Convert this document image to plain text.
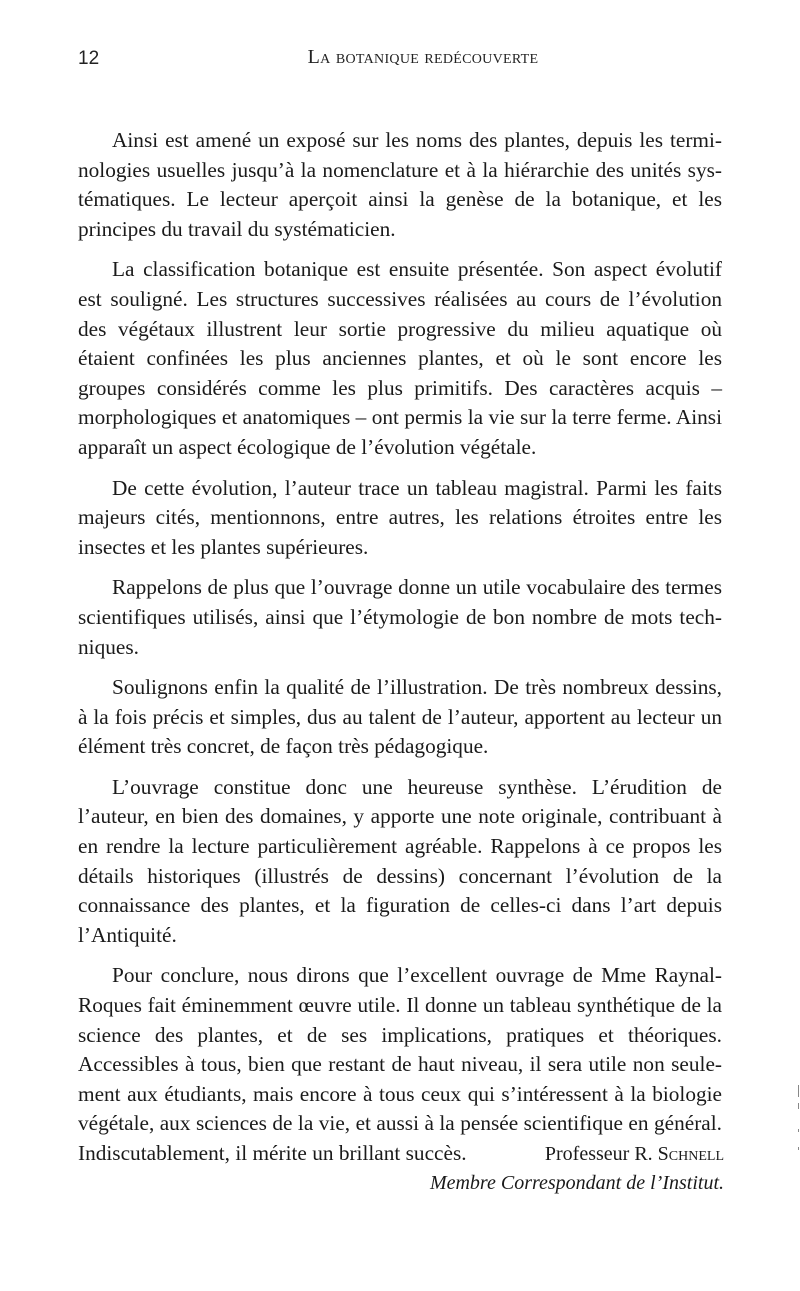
12	La botanique redécouverte

Ainsi est amené un exposé sur les noms des plantes, depuis les terminologies usuelles jusqu’à la nomenclature et à la hiérarchie des unités systématiques. Le lecteur aperçoit ainsi la genèse de la botanique, et les principes du travail du systématicien.

La classification botanique est ensuite présentée. Son aspect évolutif est souligné. Les structures successives réalisées au cours de l’évolution des végétaux illustrent leur sortie progressive du milieu aquatique où étaient confinées les plus anciennes plantes, et où le sont encore les groupes considérés comme les plus primitifs. Des caractères acquis – morphologiques et anatomiques – ont permis la vie sur la terre ferme. Ainsi apparaît un aspect écologique de l’évolution végétale.

De cette évolution, l’auteur trace un tableau magistral. Parmi les faits majeurs cités, mentionnons, entre autres, les relations étroites entre les insectes et les plantes supérieures.

Rappelons de plus que l’ouvrage donne un utile vocabulaire des termes scientifiques utilisés, ainsi que l’étymologie de bon nombre de mots techniques.

Soulignons enfin la qualité de l’illustration. De très nombreux dessins, à la fois précis et simples, dus au talent de l’auteur, apportent au lecteur un élément très concret, de façon très pédagogique.

L’ouvrage constitue donc une heureuse synthèse. L’érudition de l’auteur, en bien des domaines, y apporte une note originale, contribuant à en rendre la lecture particulièrement agréable. Rappelons à ce propos les détails historiques (illustrés de dessins) concernant l’évolution de la connaissance des plantes, et la figuration de celles-ci dans l’art depuis l’Antiquité.

Pour conclure, nous dirons que l’excellent ouvrage de Mme Raynal-Roques fait éminemment œuvre utile. Il donne un tableau synthétique de la science des plantes, et de ses implications, pratiques et théoriques. Accessibles à tous, bien que restant de haut niveau, il sera utile non seulement aux étudiants, mais encore à tous ceux qui s’intéressent à la biologie végétale, aux sciences de la vie, et aussi à la pensée scientifique en général. Indiscutablement, il mérite un brillant succès.	Professeur R. Schnell
Membre Correspondant de l’Institut.
